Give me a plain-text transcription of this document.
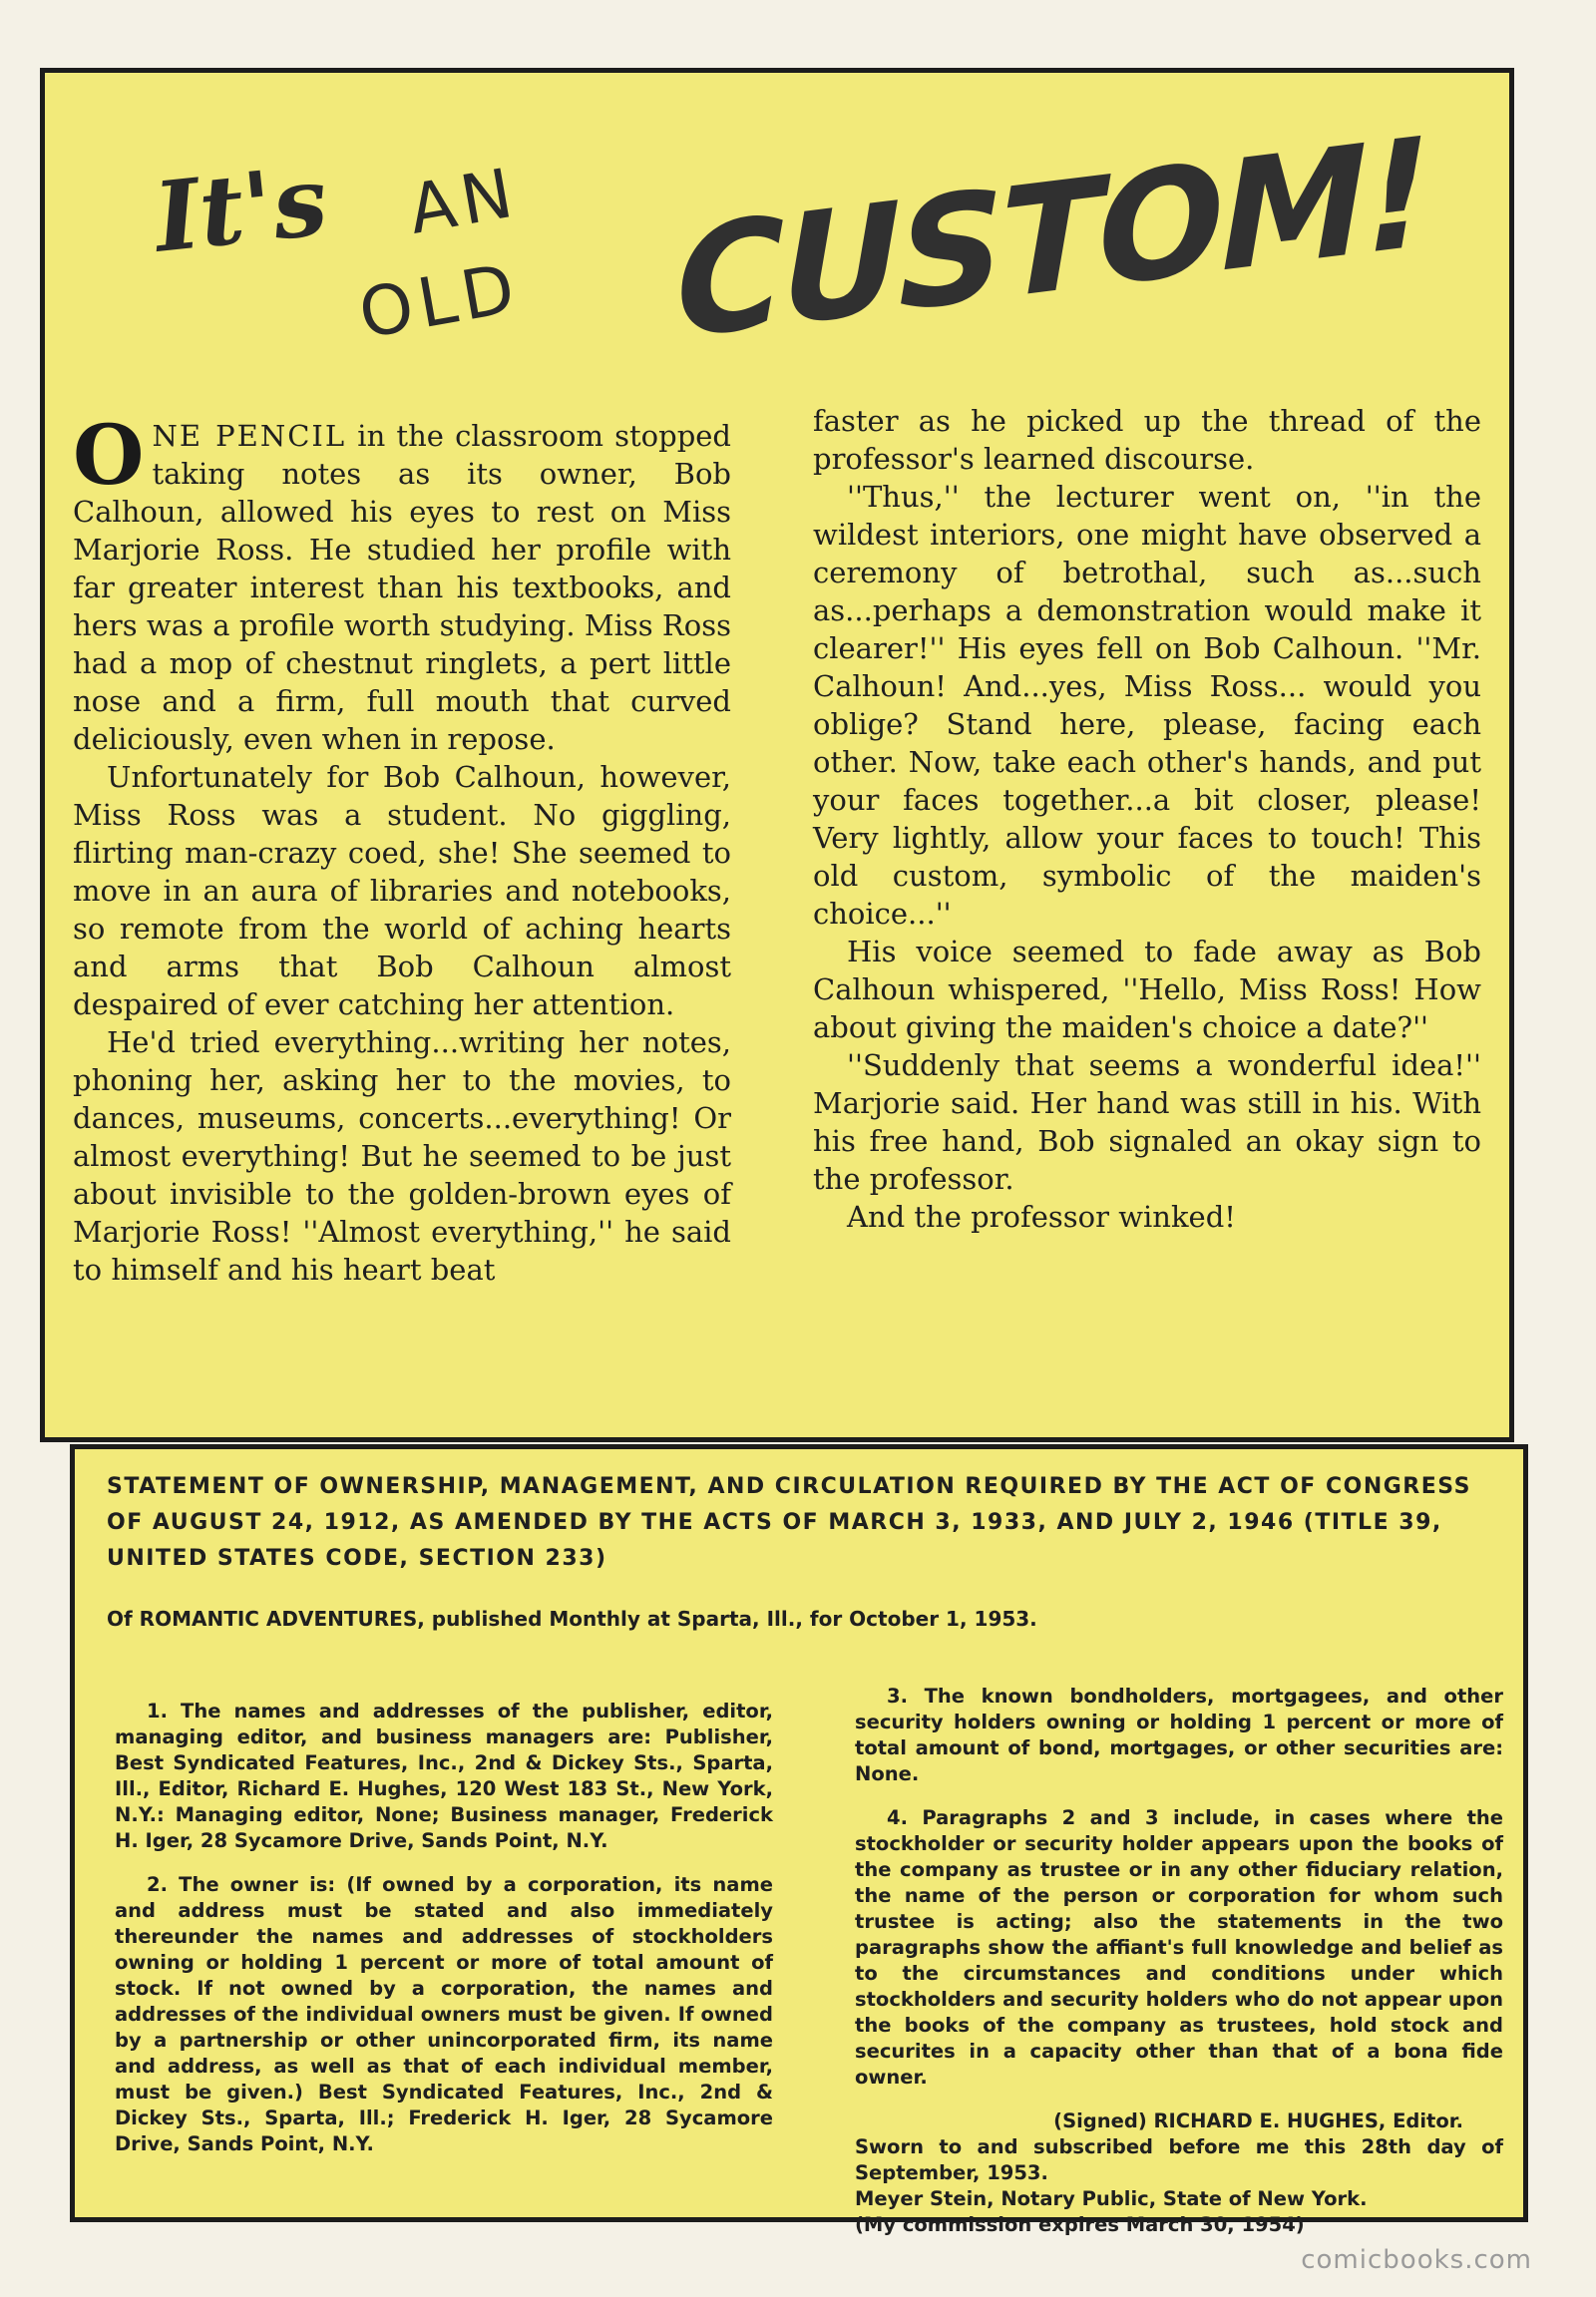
It's AN
OLD CUSTOM!

ONE PENCIL in the classroom stopped taking notes as its owner, Bob Calhoun, allowed his eyes to rest on Miss Marjorie Ross. He studied her profile with far greater interest than his textbooks, and hers was a profile worth studying. Miss Ross had a mop of chestnut ringlets, a pert little nose and a firm, full mouth that curved deliciously, even when in repose.

Unfortunately for Bob Calhoun, however, Miss Ross was a student. No giggling, flirting man-crazy coed, she! She seemed to move in an aura of libraries and notebooks, so remote from the world of aching hearts and arms that Bob Calhoun almost despaired of ever catching her attention.

He'd tried everything...writing her notes, phoning her, asking her to the movies, to dances, museums, concerts...everything! Or almost everything! But he seemed to be just about invisible to the golden-brown eyes of Marjorie Ross! ''Almost everything,'' he said to himself and his heart beat

faster as he picked up the thread of the professor's learned discourse.

''Thus,'' the lecturer went on, ''in the wildest interiors, one might have observed a ceremony of betrothal, such as...such as...perhaps a demonstration would make it clearer!'' His eyes fell on Bob Calhoun. ''Mr. Calhoun! And...yes, Miss Ross... would you oblige? Stand here, please, facing each other. Now, take each other's hands, and put your faces together...a bit closer, please! Very lightly, allow your faces to touch! This old custom, symbolic of the maiden's choice...''

His voice seemed to fade away as Bob Calhoun whispered, ''Hello, Miss Ross! How about giving the maiden's choice a date?''

''Suddenly that seems a wonderful idea!'' Marjorie said. Her hand was still in his. With his free hand, Bob signaled an okay sign to the professor.

And the professor winked!

STATEMENT OF OWNERSHIP, MANAGEMENT, AND CIRCULATION REQUIRED BY THE ACT OF CONGRESS OF AUGUST 24, 1912, AS AMENDED BY THE ACTS OF MARCH 3, 1933, AND JULY 2, 1946 (TITLE 39, UNITED STATES CODE, SECTION 233)
Of ROMANTIC ADVENTURES, published Monthly at Sparta, Ill., for October 1, 1953.

1. The names and addresses of the publisher, editor, managing editor, and business managers are: Publisher, Best Syndicated Features, Inc., 2nd & Dickey Sts., Sparta, Ill., Editor, Richard E. Hughes, 120 West 183 St., New York, N.Y.: Managing editor, None; Business manager, Frederick H. Iger, 28 Sycamore Drive, Sands Point, N.Y.

2. The owner is: (If owned by a corporation, its name and address must be stated and also immediately thereunder the names and addresses of stockholders owning or holding 1 percent or more of total amount of stock. If not owned by a corporation, the names and addresses of the individual owners must be given. If owned by a partnership or other unincorporated firm, its name and address, as well as that of each individual member, must be given.) Best Syndicated Features, Inc., 2nd & Dickey Sts., Sparta, Ill.; Frederick H. Iger, 28 Sycamore Drive, Sands Point, N.Y.

3. The known bondholders, mortgagees, and other security holders owning or holding 1 percent or more of total amount of bond, mortgages, or other securities are: None.

4. Paragraphs 2 and 3 include, in cases where the stockholder or security holder appears upon the books of the company as trustee or in any other fiduciary relation, the name of the person or corporation for whom such trustee is acting; also the statements in the two paragraphs show the affiant's full knowledge and belief as to the circumstances and conditions under which stockholders and security holders who do not appear upon the books of the company as trustees, hold stock and securites in a capacity other than that of a bona fide owner.

(Signed) RICHARD E. HUGHES, Editor.
Sworn to and subscribed before me this 28th day of September, 1953.
Meyer Stein, Notary Public, State of New York.
(My commission expires March 30, 1954)
comicbooks.com
